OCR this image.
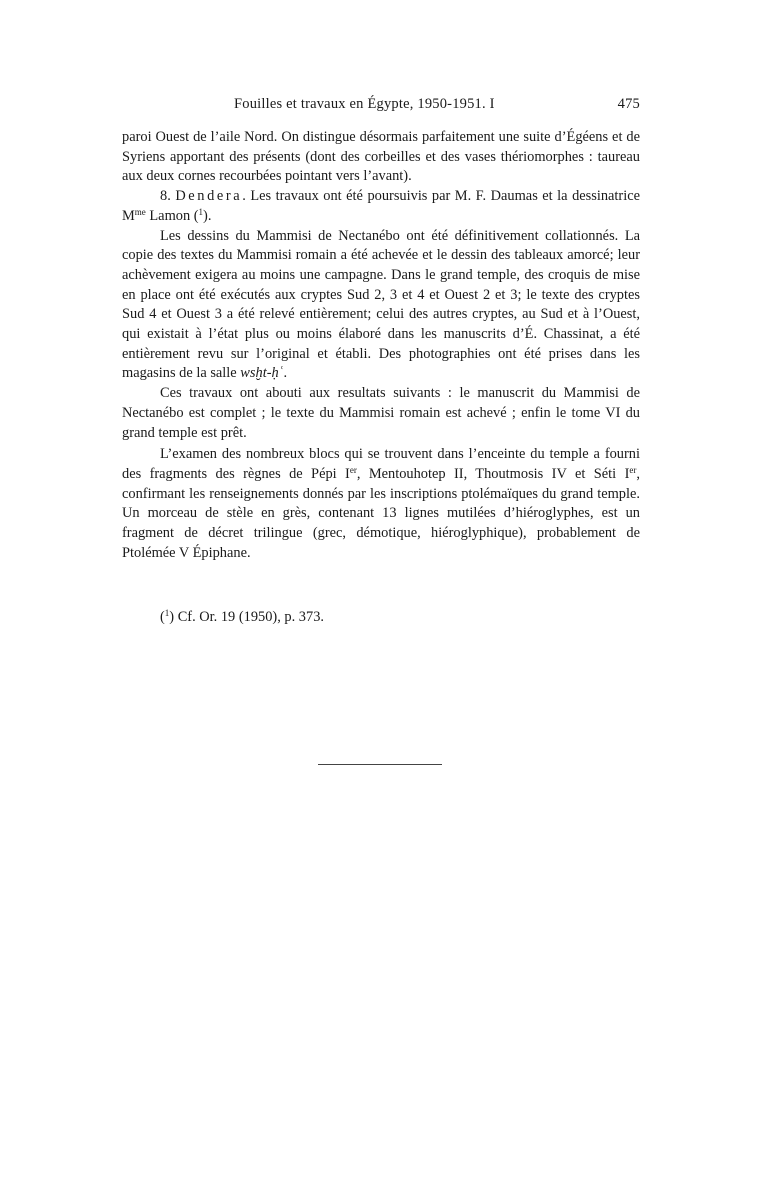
Fouilles et travaux en Égypte, 1950-1951. I	475

paroi Ouest de l’aile Nord. On distingue désormais parfaitement une suite d’Égéens et de Syriens apportant des présents (dont des corbeilles et des vases thériomorphes : taureau aux deux cornes recourbées pointant vers l’avant).

8. Dendera. Les travaux ont été poursuivis par M. F. Daumas et la dessinatrice $M^{me}$ Lamon ($^1$).

Les dessins du Mammisi de Nectanébo ont été définitivement collationnés. La copie des textes du Mammisi romain a été achevée et le dessin des tableaux amorcé; leur achèvement exigera au moins une campagne. Dans le grand temple, des croquis de mise en place ont été exécutés aux cryptes Sud 2, 3 et 4 et Ouest 2 et 3; le texte des cryptes Sud 4 et Ouest 3 a été relevé entièrement; celui des autres cryptes, au Sud et à l’Ouest, qui existait à l’état plus ou moins élaboré dans les manuscrits d’É. Chassinat, a été entièrement revu sur l’original et établi. Des photographies ont été prises dans les magasins de la salle wsḫt-ḥʿ.

Ces travaux ont abouti aux resultats suivants : le manuscrit du Mammisi de Nectanébo est complet ; le texte du Mammisi romain est achevé ; enfin le tome VI du grand temple est prêt.

L’examen des nombreux blocs qui se trouvent dans l’enceinte du temple a fourni des fragments des règnes de Pépi Ier, Mentouhotep II, Thoutmosis IV et Séti Ier, confirmant les renseignements donnés par les inscriptions ptolémaïques du grand temple. Un morceau de stèle en grès, contenant 13 lignes mutilées d’hiéroglyphes, est un fragment de décret trilingue (grec, démotique, hiéroglyphique), probablement de Ptolémée V Épiphane.

($^1$) Cf. Or. 19 (1950), p. 373.
